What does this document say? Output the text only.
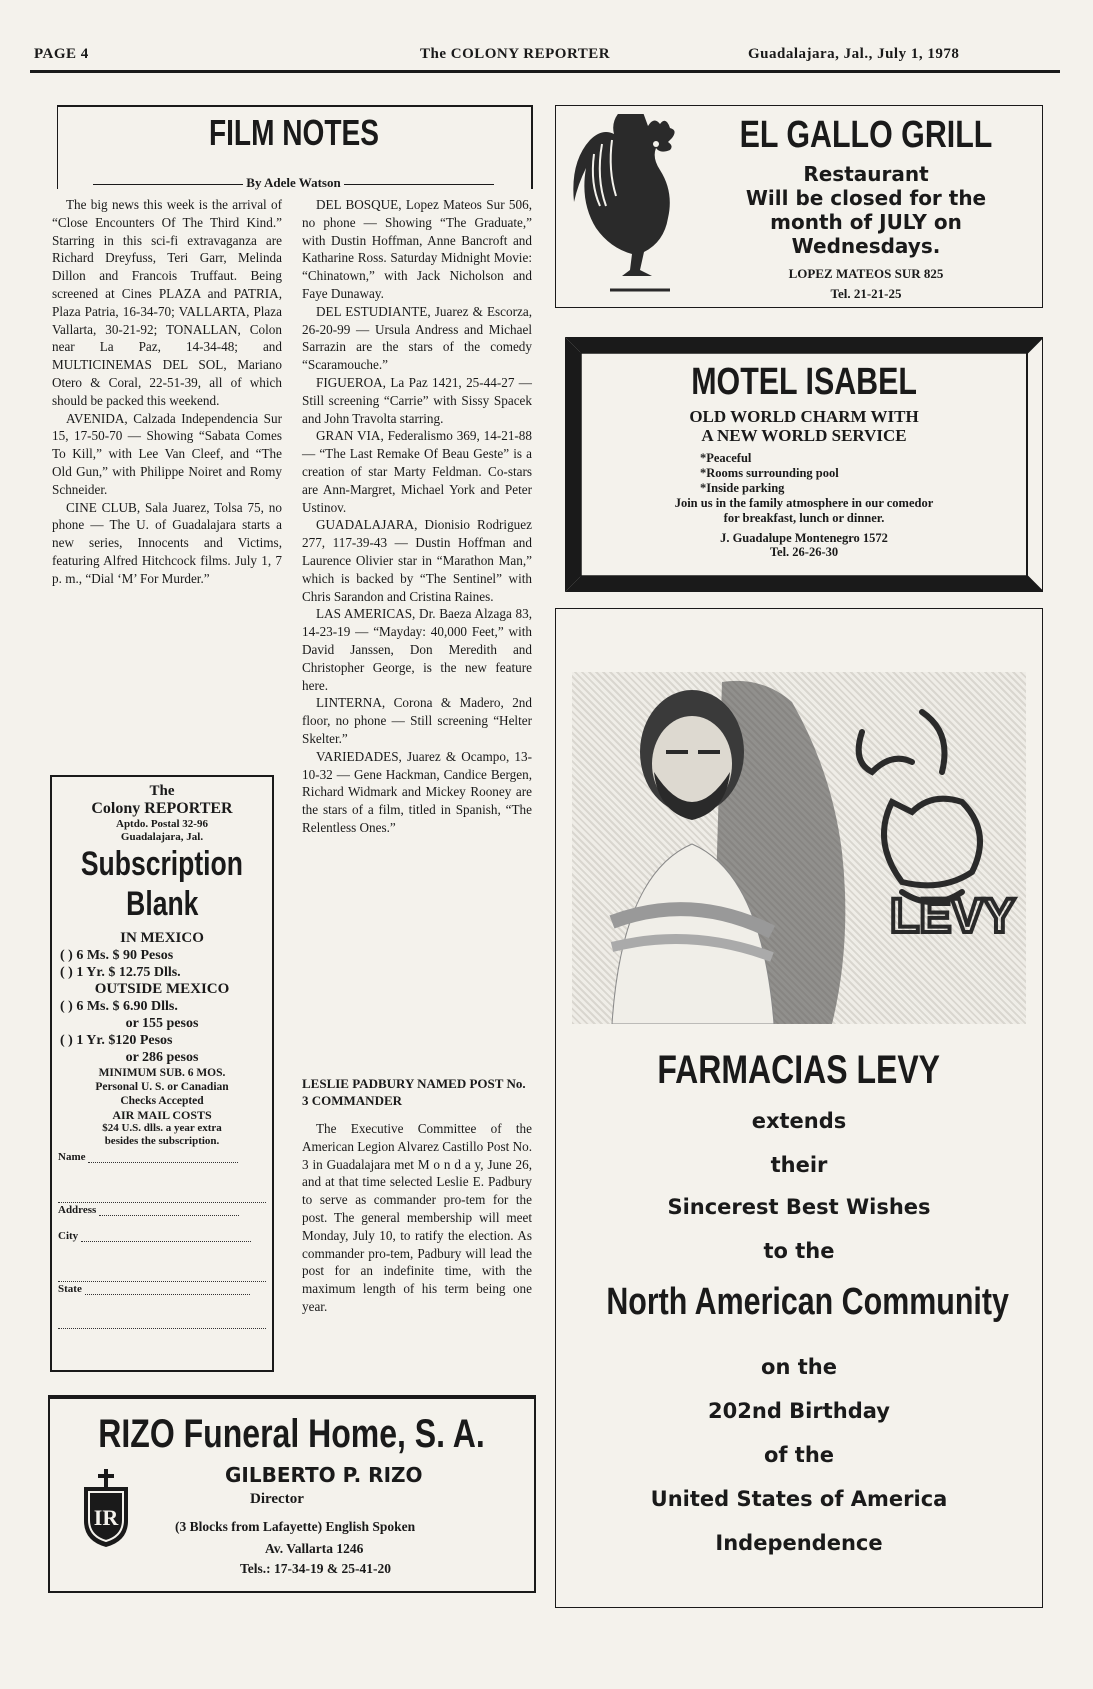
PAGE 4	The COLONY REPORTER	Guadalajara, Jal., July 1, 1978
FILM NOTES
By Adele Watson

The big news this week is the arrival of “Close Encounters Of The Third Kind.” Starring in this sci-fi extravaganza are Richard Dreyfuss, Teri Garr, Melinda Dillon and Francois Truffaut. Being screened at Cines PLAZA and PATRIA, Plaza Patria, 16-34-70; VALLARTA, Plaza Vallarta, 30-21-92; TONALLAN, Colon near La Paz, 14-34-48; and MULTICINEMAS DEL SOL, Mariano Otero & Coral, 22-51-39, all of which should be packed this weekend.

AVENIDA, Calzada Independencia Sur 15, 17-50-70 — Showing “Sabata Comes To Kill,” with Lee Van Cleef, and “The Old Gun,” with Philippe Noiret and Romy Schneider.

CINE CLUB, Sala Juarez, Tolsa 75, no phone — The U. of Guadalajara starts a new series, Innocents and Victims, featuring Alfred Hitchcock films. July 1, 7 p. m., “Dial ‘M’ For Murder.”

DEL BOSQUE, Lopez Mateos Sur 506, no phone — Showing “The Graduate,” with Dustin Hoffman, Anne Bancroft and Katharine Ross. Saturday Midnight Movie: “Chinatown,” with Jack Nicholson and Faye Dunaway.

DEL ESTUDIANTE, Juarez & Escorza, 26-20-99 — Ursula Andress and Michael Sarrazin are the stars of the comedy “Scaramouche.”

FIGUEROA, La Paz 1421, 25-44-27 — Still screening “Carrie” with Sissy Spacek and John Travolta starring.

GRAN VIA, Federalismo 369, 14-21-88 — “The Last Remake Of Beau Geste” is a creation of star Marty Feldman. Co-stars are Ann-Margret, Michael York and Peter Ustinov.

GUADALAJARA, Dionisio Rodriguez 277, 117-39-43 — Dustin Hoffman and Laurence Olivier star in “Marathon Man,” which is backed by “The Sentinel” with Chris Sarandon and Cristina Raines.

LAS AMERICAS, Dr. Baeza Alzaga 83, 14-23-19 — “Mayday: 40,000 Feet,” with David Janssen, Don Meredith and Christopher George, is the new feature here.

LINTERNA, Corona & Madero, 2nd floor, no phone — Still screening “Helter Skelter.”

VARIEDADES, Juarez & Ocampo, 13-10-32 — Gene Hackman, Candice Bergen, Richard Widmark and Mickey Rooney are the stars of a film, titled in Spanish, “The Relentless Ones.”

LESLIE PADBURY NAMED POST No. 3 COMMANDER

The Executive Committee of the American Legion Alvarez Castillo Post No. 3 in Guadalajara met M o n d a y, June 26, and at that time selected Leslie E. Padbury to serve as commander pro-tem for the post. The general membership will meet Monday, July 10, to ratify the election. As commander pro-tem, Padbury will lead the post for an indefinite time, with the maximum length of his term being one year.

The
Colony REPORTER
Aptdo. Postal 32-96
Guadalajara, Jal.
Subscription
Blank
IN MEXICO
( ) 6 Ms. $ 90 Pesos
( ) 1 Yr. $ 12.75 Dlls.
OUTSIDE MEXICO
( ) 6 Ms. $ 6.90 Dlls.
or 155 pesos
( ) 1 Yr. $120 Pesos
or 286 pesos
MINIMUM SUB. 6 MOS.
Personal U. S. or Canadian
Checks Accepted
AIR MAIL COSTS
$24 U.S. dlls. a year extra
besides the subscription.
Name
Address
City
State
RIZO Funeral Home, S. A.
GILBERTO P. RIZO
Director
(3 Blocks from Lafayette) English Spoken
Av. Vallarta 1246
Tels.: 17-34-19 & 25-41-20
IR
EL GALLO GRILL
Restaurant
Will be closed for the
month of JULY on
Wednesdays.
LOPEZ MATEOS SUR 825
Tel. 21-21-25
MOTEL ISABEL
OLD WORLD CHARM WITH
A NEW WORLD SERVICE
*Peaceful
*Rooms surrounding pool
*Inside parking
Join us in the family atmosphere in our comedor
for breakfast, lunch or dinner.
J. Guadalupe Montenegro 1572
Tel. 26-26-30
LEVY
FARMACIAS LEVY
extends
their
Sincerest Best Wishes
to the
North American Community
on the
202nd Birthday
of the
United States of America
Independence
